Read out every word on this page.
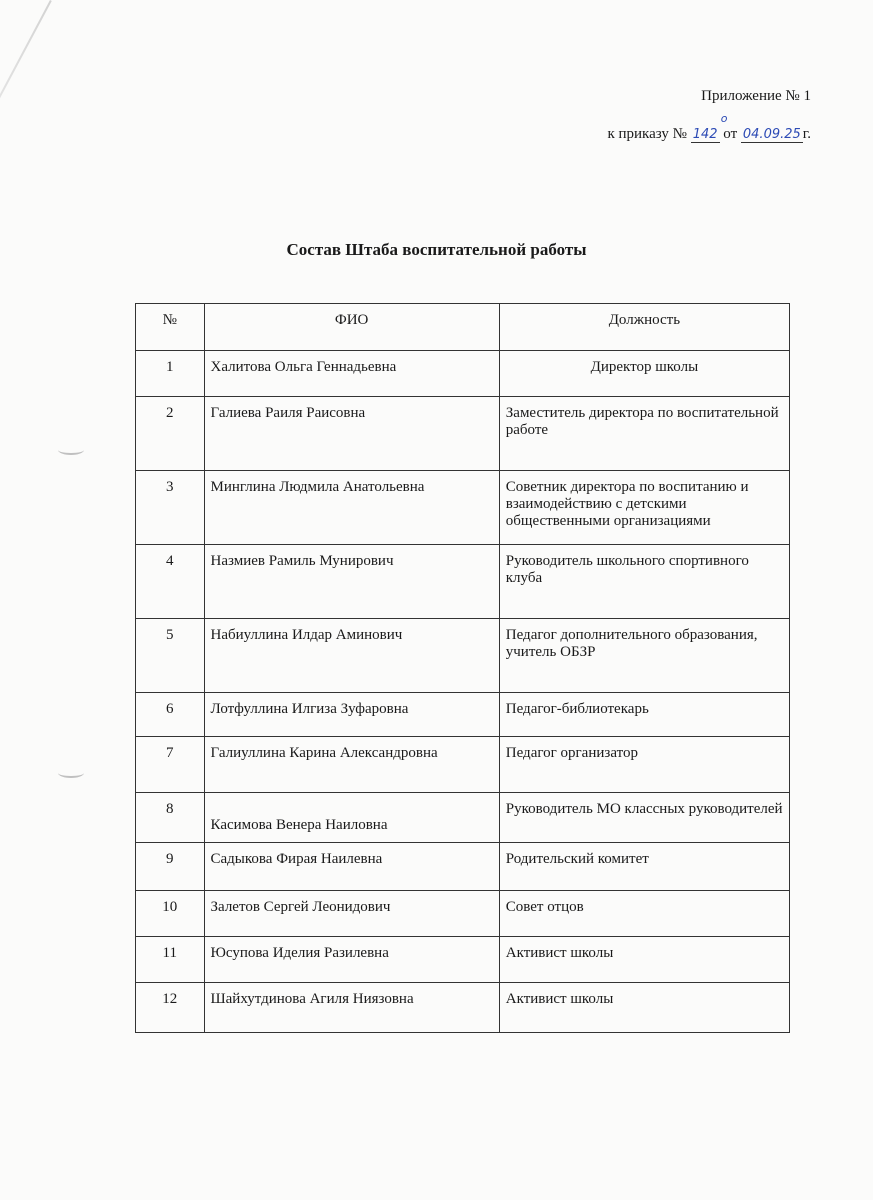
Приложение № 1
к приказу № 142
о
от 04.09.25 г.
Состав Штаба воспитательной работы
№	ФИО	Должность
1	Халитова Ольга Геннадьевна	Директор школы
2	Галиева Раиля Раисовна	Заместитель директора по воспитательной работе
3	Минглина Людмила Анатольевна	Советник директора по воспитанию и взаимодействию с детскими общественными организациями
4	Назмиев Рамиль Мунирович	Руководитель школьного спортивного клуба
5	Набиуллина Илдар Аминович	Педагог дополнительного образования, учитель ОБЗР
6	Лотфуллина Илгиза Зуфаровна	Педагог-библиотекарь
7	Галиуллина Карина Александровна	Педагог организатор
8	Касимова Венера Наиловна	Руководитель МО классных руководителей
9	Садыкова Фирая Наилевна	Родительский комитет
10	Залетов Сергей Леонидович	Совет отцов
11	Юсупова Иделия Разилевна	Активист школы
12	Шайхутдинова Агиля Ниязовна	Активист школы
